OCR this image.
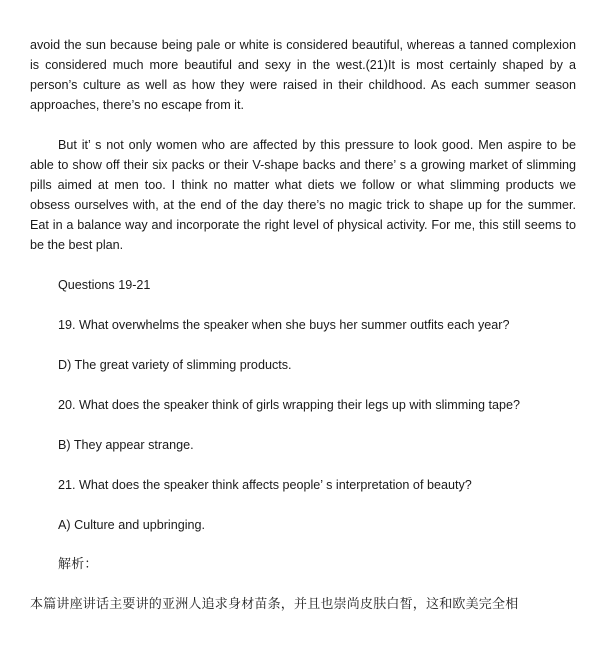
avoid the sun because being pale or white is considered beautiful, whereas a tanned complexion
is considered much more beautiful and sexy in the west.(21)It is most certainly shaped by a
person’s culture as well as how they were raised in their childhood. As each summer season
approaches, there’s no escape from it.
But it’ s not only women who are affected by this pressure to look good. Men aspire to be
able to show off their six packs or their V-shape backs and there’ s a growing market of slimming
pills aimed at men too. I think no matter what diets we follow or what slimming products we
obsess ourselves with, at the end of the day there’s no magic trick to shape up for the summer.
Eat in a balance way and incorporate the right level of physical activity. For me, this still seems to
be the best plan.

Questions 19-21

19. What overwhelms the speaker when she buys her summer outfits each year?

D) The great variety of slimming products.

20. What does the speaker think of girls wrapping their legs up with slimming tape?

B) They appear strange.

21. What does the speaker think affects people’ s interpretation of beauty?

A) Culture and upbringing.

解析：

本篇讲座讲话主要讲的亚洲人追求身材苗条，并且也崇尚皮肤白皙，这和欧美完全相
